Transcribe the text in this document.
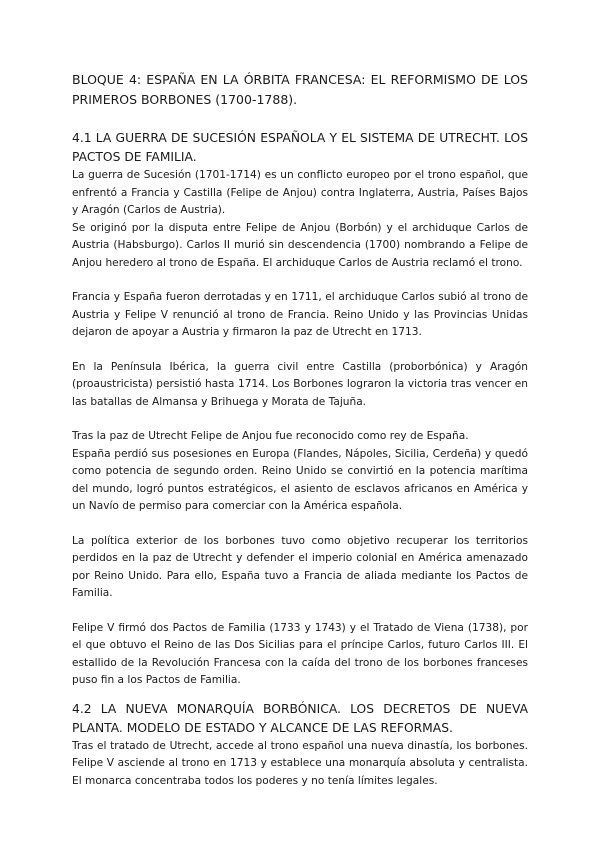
BLOQUE 4: ESPAÑA EN LA ÓRBITA FRANCESA: EL REFORMISMO DE LOS PRIMEROS BORBONES (1700-1788).
4.1 LA GUERRA DE SUCESIÓN ESPAÑOLA Y EL SISTEMA DE UTRECHT. LOS PACTOS DE FAMILIA.

La guerra de Sucesión (1701-1714) es un conflicto europeo por el trono español, que enfrentó a Francia y Castilla (Felipe de Anjou) contra Inglaterra, Austria, Países Bajos y Aragón (Carlos de Austria).

Se originó por la disputa entre Felipe de Anjou (Borbón) y el archiduque Carlos de Austria (Habsburgo). Carlos II murió sin descendencia (1700) nombrando a Felipe de Anjou heredero al trono de España. El archiduque Carlos de Austria reclamó el trono.

Francia y España fueron derrotadas y en 1711, el archiduque Carlos subió al trono de Austria y Felipe V renunció al trono de Francia. Reino Unido y las Provincias Unidas dejaron de apoyar a Austria y firmaron la paz de Utrecht en 1713.

En la Península Ibérica, la guerra civil entre Castilla (proborbónica) y Aragón (proaustricista) persistió hasta 1714. Los Borbones lograron la victoria tras vencer en las batallas de Almansa y Brihuega y Morata de Tajuña.

Tras la paz de Utrecht Felipe de Anjou fue reconocido como rey de España.

España perdió sus posesiones en Europa (Flandes, Nápoles, Sicilia, Cerdeña) y quedó como potencia de segundo orden. Reino Unido se convirtió en la potencia marítima del mundo, logró puntos estratégicos, el asiento de esclavos africanos en América y un Navío de permiso para comerciar con la América española.

La política exterior de los borbones tuvo como objetivo recuperar los territorios perdidos en la paz de Utrecht y defender el imperio colonial en América amenazado por Reino Unido. Para ello, España tuvo a Francia de aliada mediante los Pactos de Familia.

Felipe V firmó dos Pactos de Familia (1733 y 1743) y el Tratado de Viena (1738), por el que obtuvo el Reino de las Dos Sicilias para el príncipe Carlos, futuro Carlos III. El estallido de la Revolución Francesa con la caída del trono de los borbones franceses puso fin a los Pactos de Familia.

4.2 LA NUEVA MONARQUÍA BORBÓNICA. LOS DECRETOS DE NUEVA PLANTA. MODELO DE ESTADO Y ALCANCE DE LAS REFORMAS.

Tras el tratado de Utrecht, accede al trono español una nueva dinastía, los borbones. Felipe V asciende al trono en 1713 y establece una monarquía absoluta y centralista. El monarca concentraba todos los poderes y no tenía límites legales.
